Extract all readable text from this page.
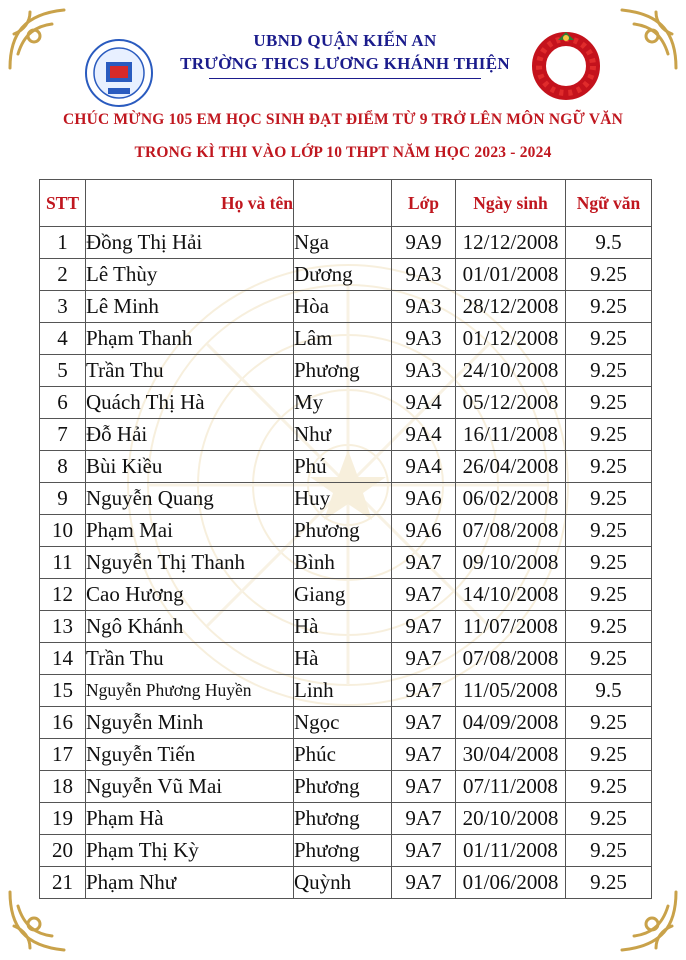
UBND QUẬN KIẾN AN
TRƯỜNG THCS LƯƠNG KHÁNH THIỆN
CHÚC MỪNG 105 EM HỌC SINH ĐẠT ĐIỂM TỪ 9 TRỞ LÊN MÔN NGỮ VĂN
TRONG KÌ THI VÀO LỚP 10 THPT NĂM HỌC 2023 - 2024
STT	Họ và tên		Lớp	Ngày sinh	Ngữ văn
1	Đồng Thị Hải	Nga	9A9	12/12/2008	9.5
2	Lê Thùy	Dương	9A3	01/01/2008	9.25
3	Lê Minh	Hòa	9A3	28/12/2008	9.25
4	Phạm Thanh	Lâm	9A3	01/12/2008	9.25
5	Trần Thu	Phương	9A3	24/10/2008	9.25
6	Quách Thị Hà	My	9A4	05/12/2008	9.25
7	Đỗ Hải	Như	9A4	16/11/2008	9.25
8	Bùi Kiều	Phú	9A4	26/04/2008	9.25
9	Nguyễn Quang	Huy	9A6	06/02/2008	9.25
10	Phạm Mai	Phương	9A6	07/08/2008	9.25
11	Nguyễn Thị Thanh	Bình	9A7	09/10/2008	9.25
12	Cao Hương	Giang	9A7	14/10/2008	9.25
13	Ngô Khánh	Hà	9A7	11/07/2008	9.25
14	Trần Thu	Hà	9A7	07/08/2008	9.25
15	Nguyễn Phương Huyền	Linh	9A7	11/05/2008	9.5
16	Nguyễn Minh	Ngọc	9A7	04/09/2008	9.25
17	Nguyễn Tiến	Phúc	9A7	30/04/2008	9.25
18	Nguyễn Vũ Mai	Phương	9A7	07/11/2008	9.25
19	Phạm Hà	Phương	9A7	20/10/2008	9.25
20	Phạm Thị Kỳ	Phương	9A7	01/11/2008	9.25
21	Phạm Như	Quỳnh	9A7	01/06/2008	9.25
